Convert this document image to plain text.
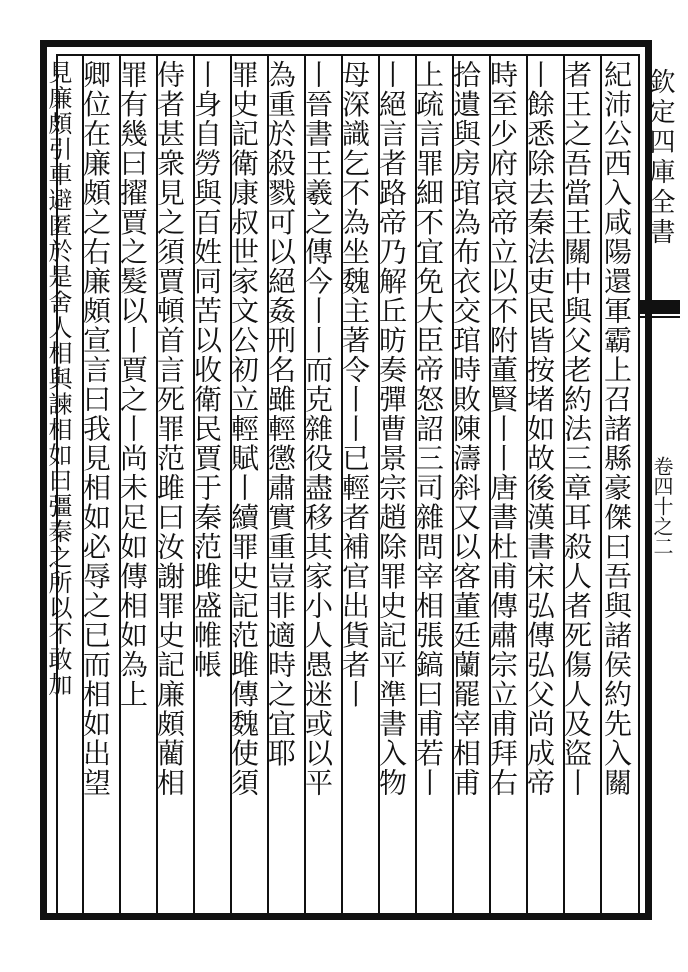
紀沛公西入咸陽還軍霸上召諸縣豪傑曰吾與諸侯約先入關
者王之吾當王關中與父老約法三章耳殺人者死傷人及盜丨
丨餘悉除去秦法吏民皆按堵如故後漢書宋弘傳弘父尚成帝
時至少府哀帝立以不附董賢丨丨唐書杜甫傳肅宗立甫拜右
拾遺與房琯為布衣交琯時敗陳濤斜又以客董廷蘭罷宰相甫
上疏言罪細不宜免大臣帝怒詔三司雜問宰相張鎬曰甫若丨
丨絕言者路帝乃解丘昉奏彈曹景宗趙除罪史記平準書入物
母深識乞不為坐魏主著令丨丨已輕者補官出貨者丨
丨晉書王羲之傳今丨丨而克雜役盡移其家小人愚迷或以平
為重於殺戮可以絕姦刑名雖輕懲肅實重豈非適時之宜耶
罪史記衛康叔世家文公初立輕賦丨續罪史記范雎傳魏使須
丨身自勞與百姓同苦以收衛民賈于秦范雎盛帷帳
侍者甚衆見之須賈頓首言死罪范雎曰汝謝罪史記廉頗藺相
罪有幾曰擢賈之髮以丨賈之丨尚未足如傳相如為上
卿位在廉頗之右廉頗宣言曰我見相如必辱之已而相如出望
見廉頗引車避匿於是舍人相與諫相如曰彊秦之所以不敢加	欽定四庫全書
卷四十之二
